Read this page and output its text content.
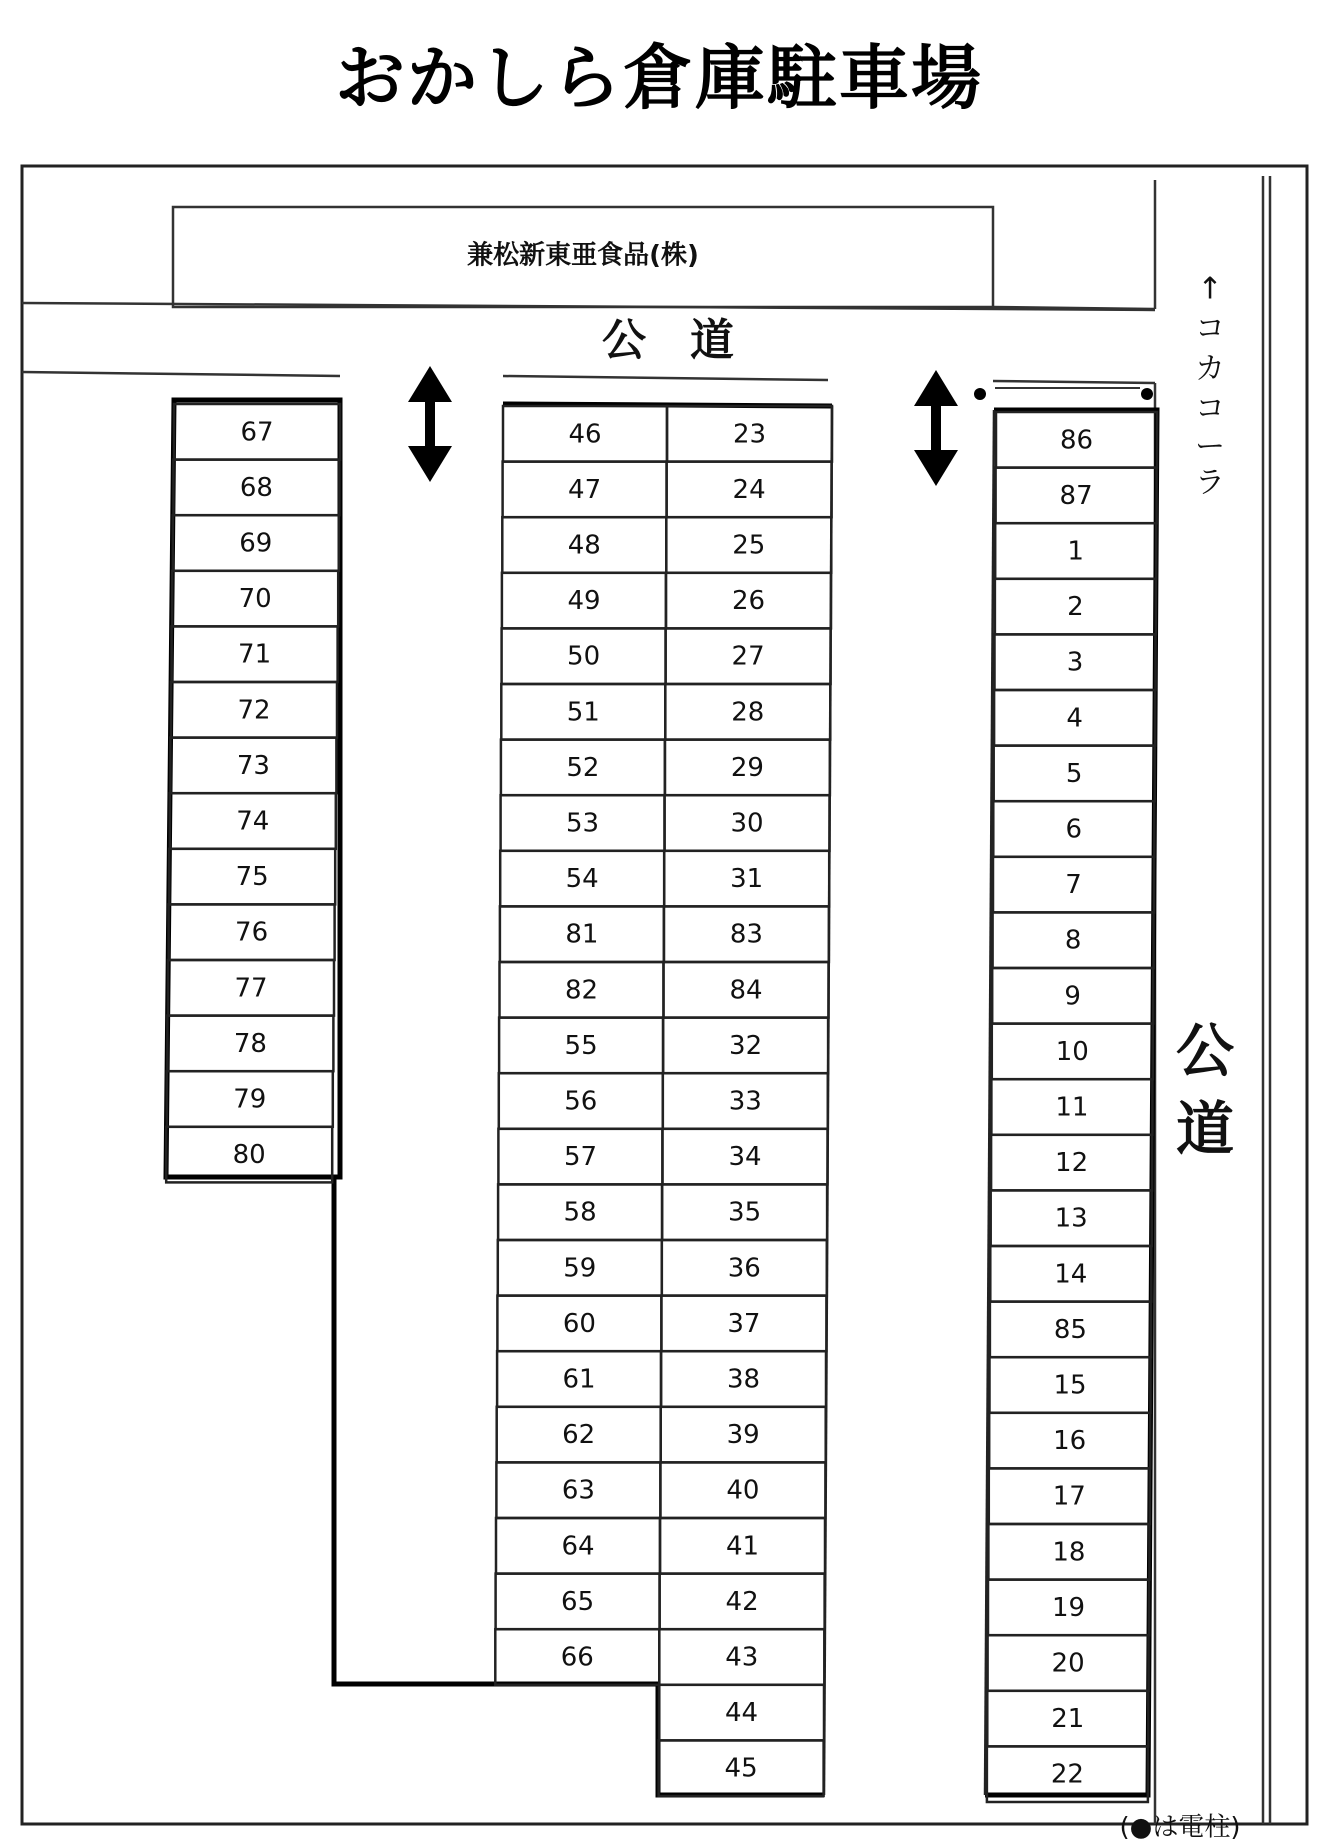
おかしら倉庫駐車場
兼松新東亜食品(株)
公　道
公
道
↑
コ
カ
コ
ー
ラ
67
68
69
70
71
72
73
74
75
76
77
78
79
80
46
47
48
49
50
51
52
53
54
81
82
55
56
57
58
59
60
61
62
63
64
65
66
23
24
25
26
27
28
29
30
31
83
84
32
33
34
35
36
37
38
39
40
41
42
43
44
45
86
87
1
2
3
4
5
6
7
8
9
10
11
12
13
14
85
15
16
17
18
19
20
21
22
(●は電柱)
